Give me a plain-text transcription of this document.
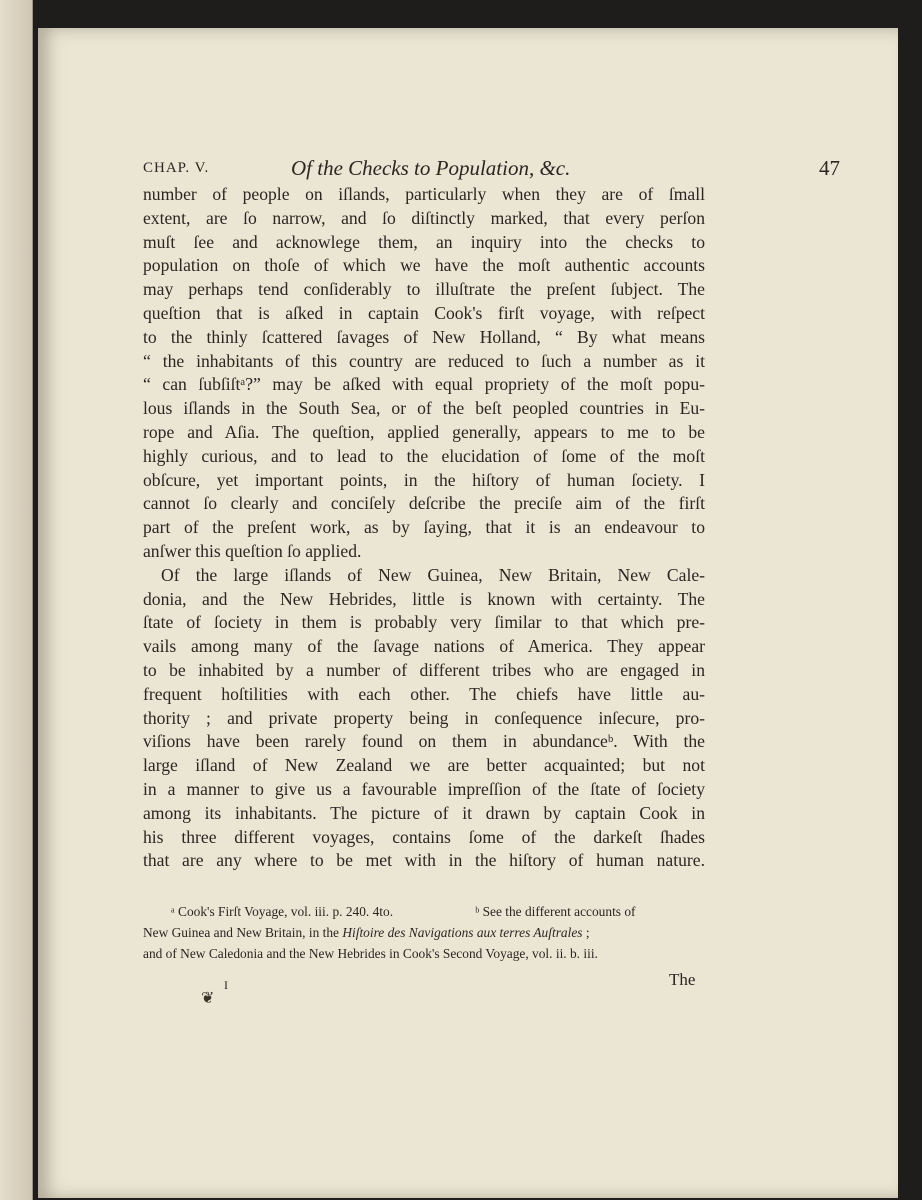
CHAP. V.	Of the Checks to Population, &c.	47
number of people on iſlands, particularly when they are of ſmall
extent, are ſo narrow, and ſo diſtinctly marked, that every perſon
muſt ſee and acknowlege them, an inquiry into the checks to
population on thoſe of which we have the moſt authentic accounts
may perhaps tend conſiderably to illuſtrate the preſent ſubject. The
queſtion that is aſked in captain Cook's firſt voyage, with reſpect
to the thinly ſcattered ſavages of New Holland, “ By what means
“ the inhabitants of this country are reduced to ſuch a number as it
“ can ſubſiſtᵃ?” may be aſked with equal propriety of the moſt popu-
lous iſlands in the South Sea, or of the beſt peopled countries in Eu-
rope and Aſia. The queſtion, applied generally, appears to me to be
highly curious, and to lead to the elucidation of ſome of the moſt
obſcure, yet important points, in the hiſtory of human ſociety. I
cannot ſo clearly and conciſely deſcribe the preciſe aim of the firſt
part of the preſent work, as by ſaying, that it is an endeavour to
anſwer this queſtion ſo applied.
Of the large iſlands of New Guinea, New Britain, New Cale-
donia, and the New Hebrides, little is known with certainty. The
ſtate of ſociety in them is probably very ſimilar to that which pre-
vails among many of the ſavage nations of America. They appear
to be inhabited by a number of different tribes who are engaged in
frequent hoſtilities with each other. The chiefs have little au-
thority ; and private property being in conſequence inſecure, pro-
viſions have been rarely found on them in abundanceᵇ. With the
large iſland of New Zealand we are better acquainted; but not
in a manner to give us a favourable impreſſion of the ſtate of ſociety
among its inhabitants. The picture of it drawn by captain Cook in
his three different voyages, contains ſome of the darkeſt ſhades
that are any where to be met with in the hiſtory of human nature.
ᵃ Cook's Firſt Voyage, vol. iii. p. 240. 4to.	ᵇ See the different accounts of
New Guinea and New Britain, in the Hiſtoire des Navigations aux terres Auſtrales ;
and of New Caledonia and the New Hebrides in Cook's Second Voyage, vol. ii. b. iii.
❦
I	The
